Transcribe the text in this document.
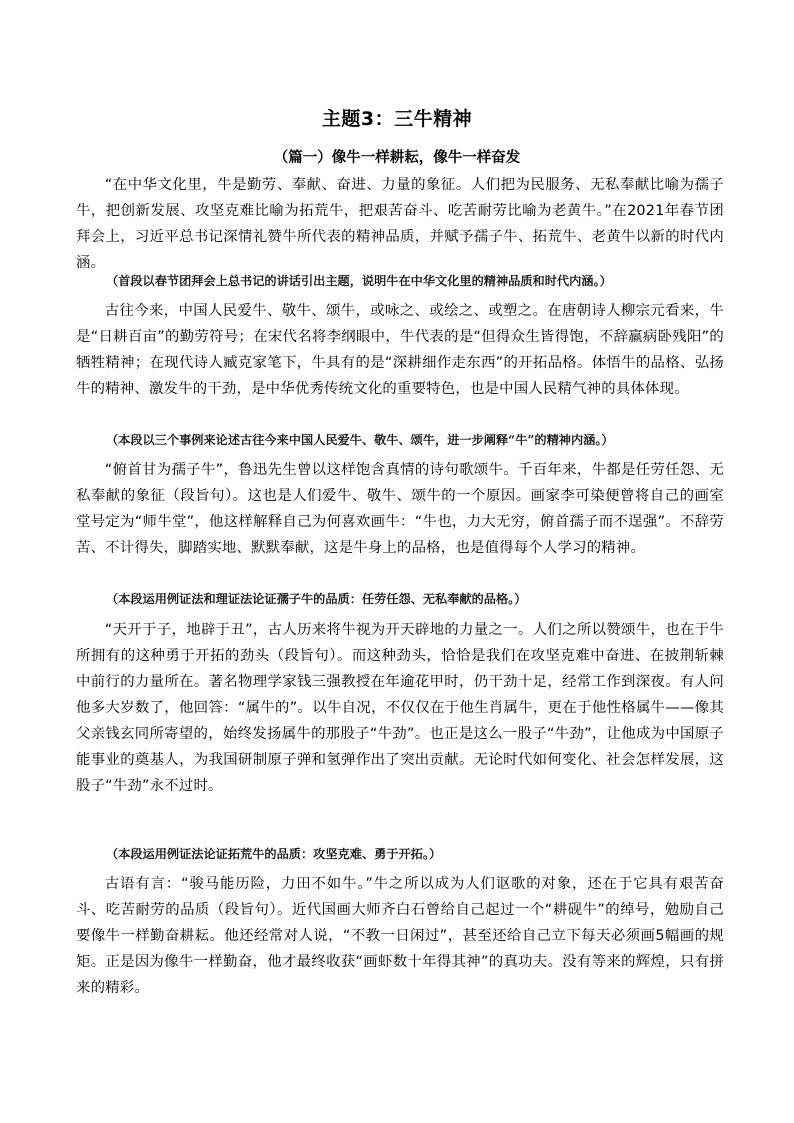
主题3：三牛精神
（篇一）像牛一样耕耘，像牛一样奋发

“在中华文化里，牛是勤劳、奉献、奋进、力量的象征。人们把为民服务、无私奉献比喻为孺子牛，把创新发展、攻坚克难比喻为拓荒牛，把艰苦奋斗、吃苦耐劳比喻为老黄牛。”在2021年春节团拜会上，习近平总书记深情礼赞牛所代表的精神品质，并赋予孺子牛、拓荒牛、老黄牛以新的时代内涵。

（首段以春节团拜会上总书记的讲话引出主题，说明牛在中华文化里的精神品质和时代内涵。）

古往今来，中国人民爱牛、敬牛、颂牛，或咏之、或绘之、或塑之。在唐朝诗人柳宗元看来，牛是“日耕百亩”的勤劳符号；在宋代名将李纲眼中，牛代表的是“但得众生皆得饱，不辞羸病卧残阳”的牺牲精神；在现代诗人臧克家笔下，牛具有的是“深耕细作走东西”的开拓品格。体悟牛的品格、弘扬牛的精神、激发牛的干劲，是中华优秀传统文化的重要特色，也是中国人民精气神的具体体现。

（本段以三个事例来论述古往今来中国人民爱牛、敬牛、颂牛，进一步阐释“牛”的精神内涵。）

“俯首甘为孺子牛”，鲁迅先生曾以这样饱含真情的诗句歌颂牛。千百年来，牛都是任劳任怨、无私奉献的象征（段旨句）。这也是人们爱牛、敬牛、颂牛的一个原因。画家李可染便曾将自己的画室堂号定为“师牛堂”，他这样解释自己为何喜欢画牛：“牛也，力大无穷，俯首孺子而不逞强”。不辞劳苦、不计得失，脚踏实地、默默奉献，这是牛身上的品格，也是值得每个人学习的精神。

（本段运用例证法和理证法论证孺子牛的品质：任劳任怨、无私奉献的品格。）

“天开于子，地辟于丑”，古人历来将牛视为开天辟地的力量之一。人们之所以赞颂牛，也在于牛所拥有的这种勇于开拓的劲头（段旨句）。而这种劲头，恰恰是我们在攻坚克难中奋进、在披荆斩棘中前行的力量所在。著名物理学家钱三强教授在年逾花甲时，仍干劲十足，经常工作到深夜。有人问他多大岁数了，他回答：“属牛的”。以牛自况，不仅仅在于他生肖属牛，更在于他性格属牛——像其父亲钱玄同所寄望的，始终发扬属牛的那股子“牛劲”。也正是这么一股子“牛劲”，让他成为中国原子能事业的奠基人，为我国研制原子弹和氢弹作出了突出贡献。无论时代如何变化、社会怎样发展，这股子“牛劲”永不过时。

（本段运用例证法论证拓荒牛的品质：攻坚克难、勇于开拓。）

古语有言：“骏马能历险，力田不如牛。”牛之所以成为人们讴歌的对象，还在于它具有艰苦奋斗、吃苦耐劳的品质（段旨句）。近代国画大师齐白石曾给自己起过一个“耕砚牛”的绰号，勉励自己要像牛一样勤奋耕耘。他还经常对人说，“不教一日闲过”，甚至还给自己立下每天必须画5幅画的规矩。正是因为像牛一样勤奋，他才最终收获“画虾数十年得其神”的真功夫。没有等来的辉煌，只有拼来的精彩。
